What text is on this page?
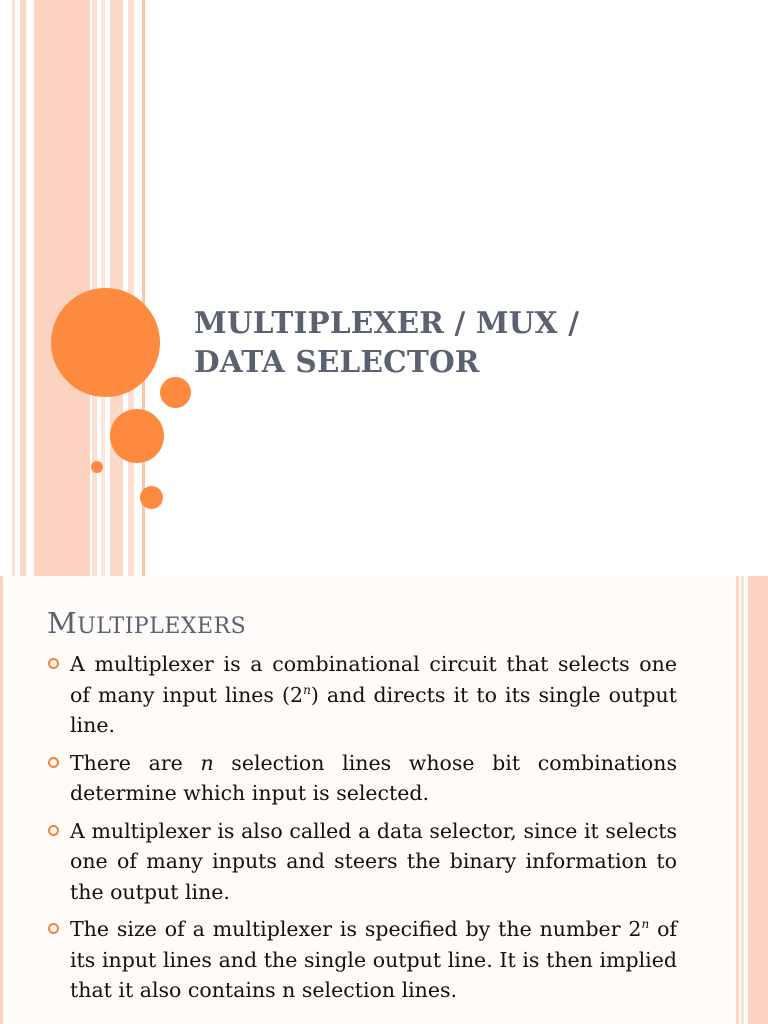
MULTIPLEXER / MUX /
DATA SELECTOR
MULTIPLEXERS
A multiplexer is a combinational circuit that selects one of many input lines (2$^n$) and directs it to its single output line.
There are n selection lines whose bit combinations determine which input is selected.
A multiplexer is also called a data selector, since it selects one of many inputs and steers the binary information to the output line.
The size of a multiplexer is specified by the number 2$^n$ of its input lines and the single output line. It is then implied that it also contains n selection lines.
